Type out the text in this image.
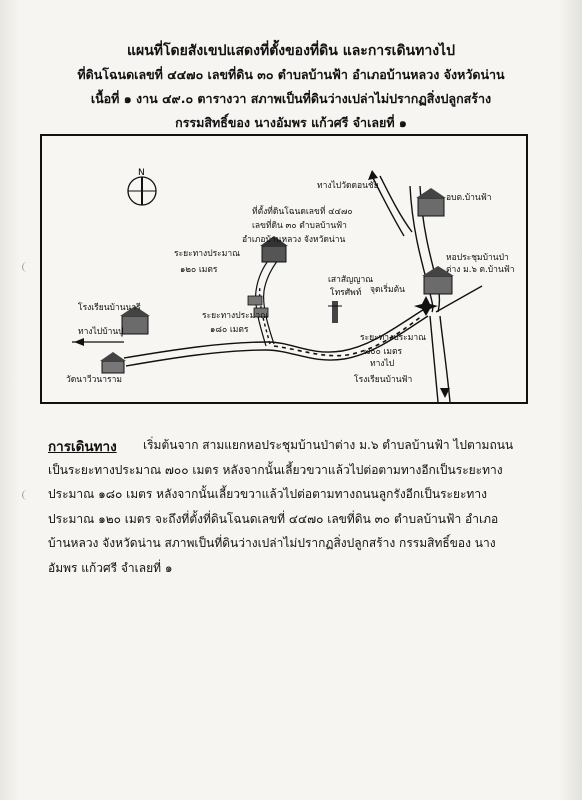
แผนที่โดยสังเขปแสดงที่ตั้งของที่ดิน และการเดินทางไป
ที่ดินโฉนดเลขที่ ๔๔๗๐ เลขที่ดิน ๓๐ ตำบลบ้านฟ้า อำเภอบ้านหลวง จังหวัดน่าน
เนื้อที่ ๑ งาน ๔๙.๐ ตารางวา สภาพเป็นที่ดินว่างเปล่าไม่ปรากฏสิ่งปลูกสร้าง
กรรมสิทธิ์ของ นางอัมพร แก้วศรี จำเลยที่ ๑
N
ทางไปวัดดอนชัย
อบต.บ้านฟ้า
ที่ตั้งที่ดินโฉนดเลขที่ ๔๔๗๐
เลขที่ดิน ๓๐ ตำบลบ้านฟ้า
อำเภอบ้านหลวง จังหวัดน่าน
หอประชุมบ้านป่า
ต่าง ม.๖ ต.บ้านฟ้า
ระยะทางประมาณ
๑๒๐ เมตร
เสาสัญญาณ
โทรศัพท์ จุดเริ่มต้น
โรงเรียนบ้านนารี
ทางไปบ้านปู่
ระยะทางประมาณ
๑๘๐ เมตร
ระยะทางประมาณ
๗๐๐ เมตร
ทางไป
โรงเรียนบ้านฟ้า
วัดนาวีวนาราม
การเดินทาง	เริ่มต้นจาก สามแยกหอประชุมบ้านป่าต่าง ม.๖ ตำบลบ้านฟ้า ไปตามถนนเป็นระยะทางประมาณ ๗๐๐ เมตร หลังจากนั้นเลี้ยวขวาแล้วไปต่อตามทางอีกเป็นระยะทางประมาณ ๑๘๐ เมตร หลังจากนั้นเลี้ยวขวาแล้วไปต่อตามทางถนนลูกรังอีกเป็นระยะทางประมาณ ๑๒๐ เมตร จะถึงที่ตั้งที่ดินโฉนดเลขที่ ๔๔๗๐ เลขที่ดิน ๓๐ ตำบลบ้านฟ้า อำเภอบ้านหลวง จังหวัดน่าน สภาพเป็นที่ดินว่างเปล่าไม่ปรากฏสิ่งปลูกสร้าง กรรมสิทธิ์ของ นางอัมพร แก้วศรี จำเลยที่ ๑
